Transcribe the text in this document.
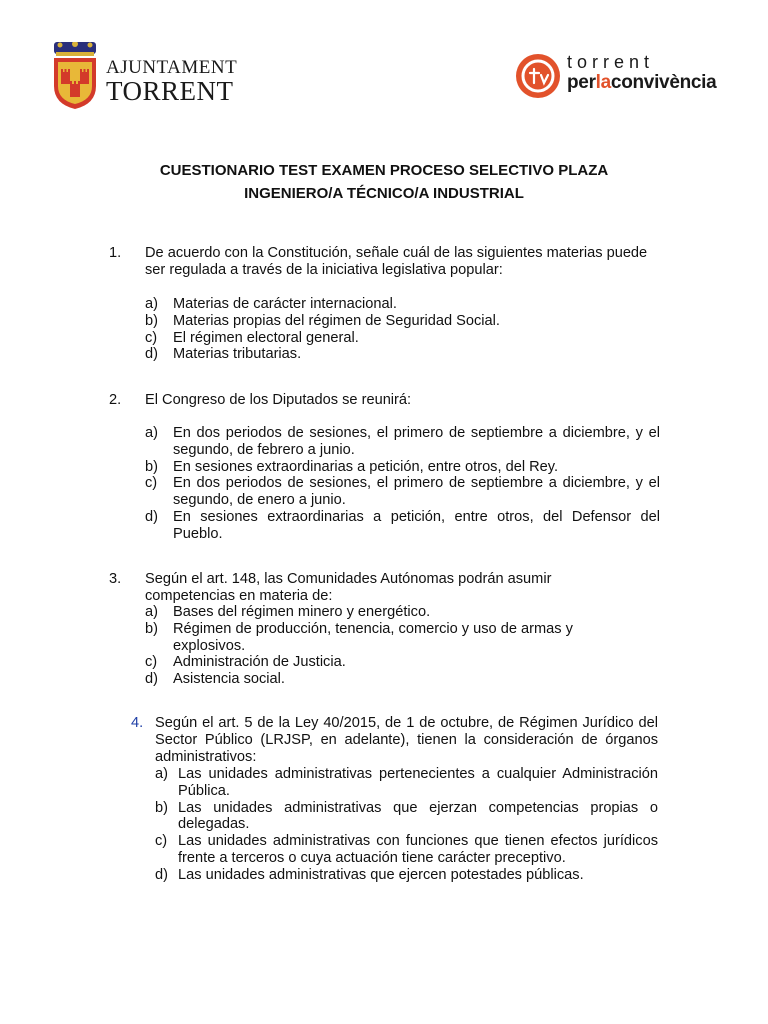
AJUNTAMENT
TORRENT
torrent
perlaconvivència
CUESTIONARIO TEST EXAMEN PROCESO SELECTIVO PLAZA
INGENIERO/A TÉCNICO/A INDUSTRIAL
1. De acuerdo con la Constitución, señale cuál de las siguientes materias puede ser regulada a través de la iniciativa legislativa popular:
a)	Materias de carácter internacional.
b)	Materias propias del régimen de Seguridad Social.
c)	El régimen electoral general.
d)	Materias tributarias.
2. El Congreso de los Diputados se reunirá:
a)	En dos periodos de sesiones, el primero de septiembre a diciembre, y el segundo, de febrero a junio.
b)	En sesiones extraordinarias a petición, entre otros, del Rey.
c)	En dos periodos de sesiones, el primero de septiembre a diciembre, y el segundo, de enero a junio.
d)	En sesiones extraordinarias a petición, entre otros, del Defensor del Pueblo.
3. Según el art. 148, las Comunidades Autónomas podrán asumir competencias en materia de:
a)	Bases del régimen minero y energético.
b)	Régimen de producción, tenencia, comercio y uso de armas y explosivos.
c)	Administración de Justicia.
d)	Asistencia social.
4. Según el art. 5 de la Ley 40/2015, de 1 de octubre, de Régimen Jurídico del Sector Público (LRJSP, en adelante), tienen la consideración de órganos administrativos:
a) Las unidades administrativas pertenecientes a cualquier Administración Pública.
b) Las unidades administrativas que ejerzan competencias propias o delegadas.
c) Las unidades administrativas con funciones que tienen efectos jurídicos frente a terceros o cuya actuación tiene carácter preceptivo.
d) Las unidades administrativas que ejercen potestades públicas.
